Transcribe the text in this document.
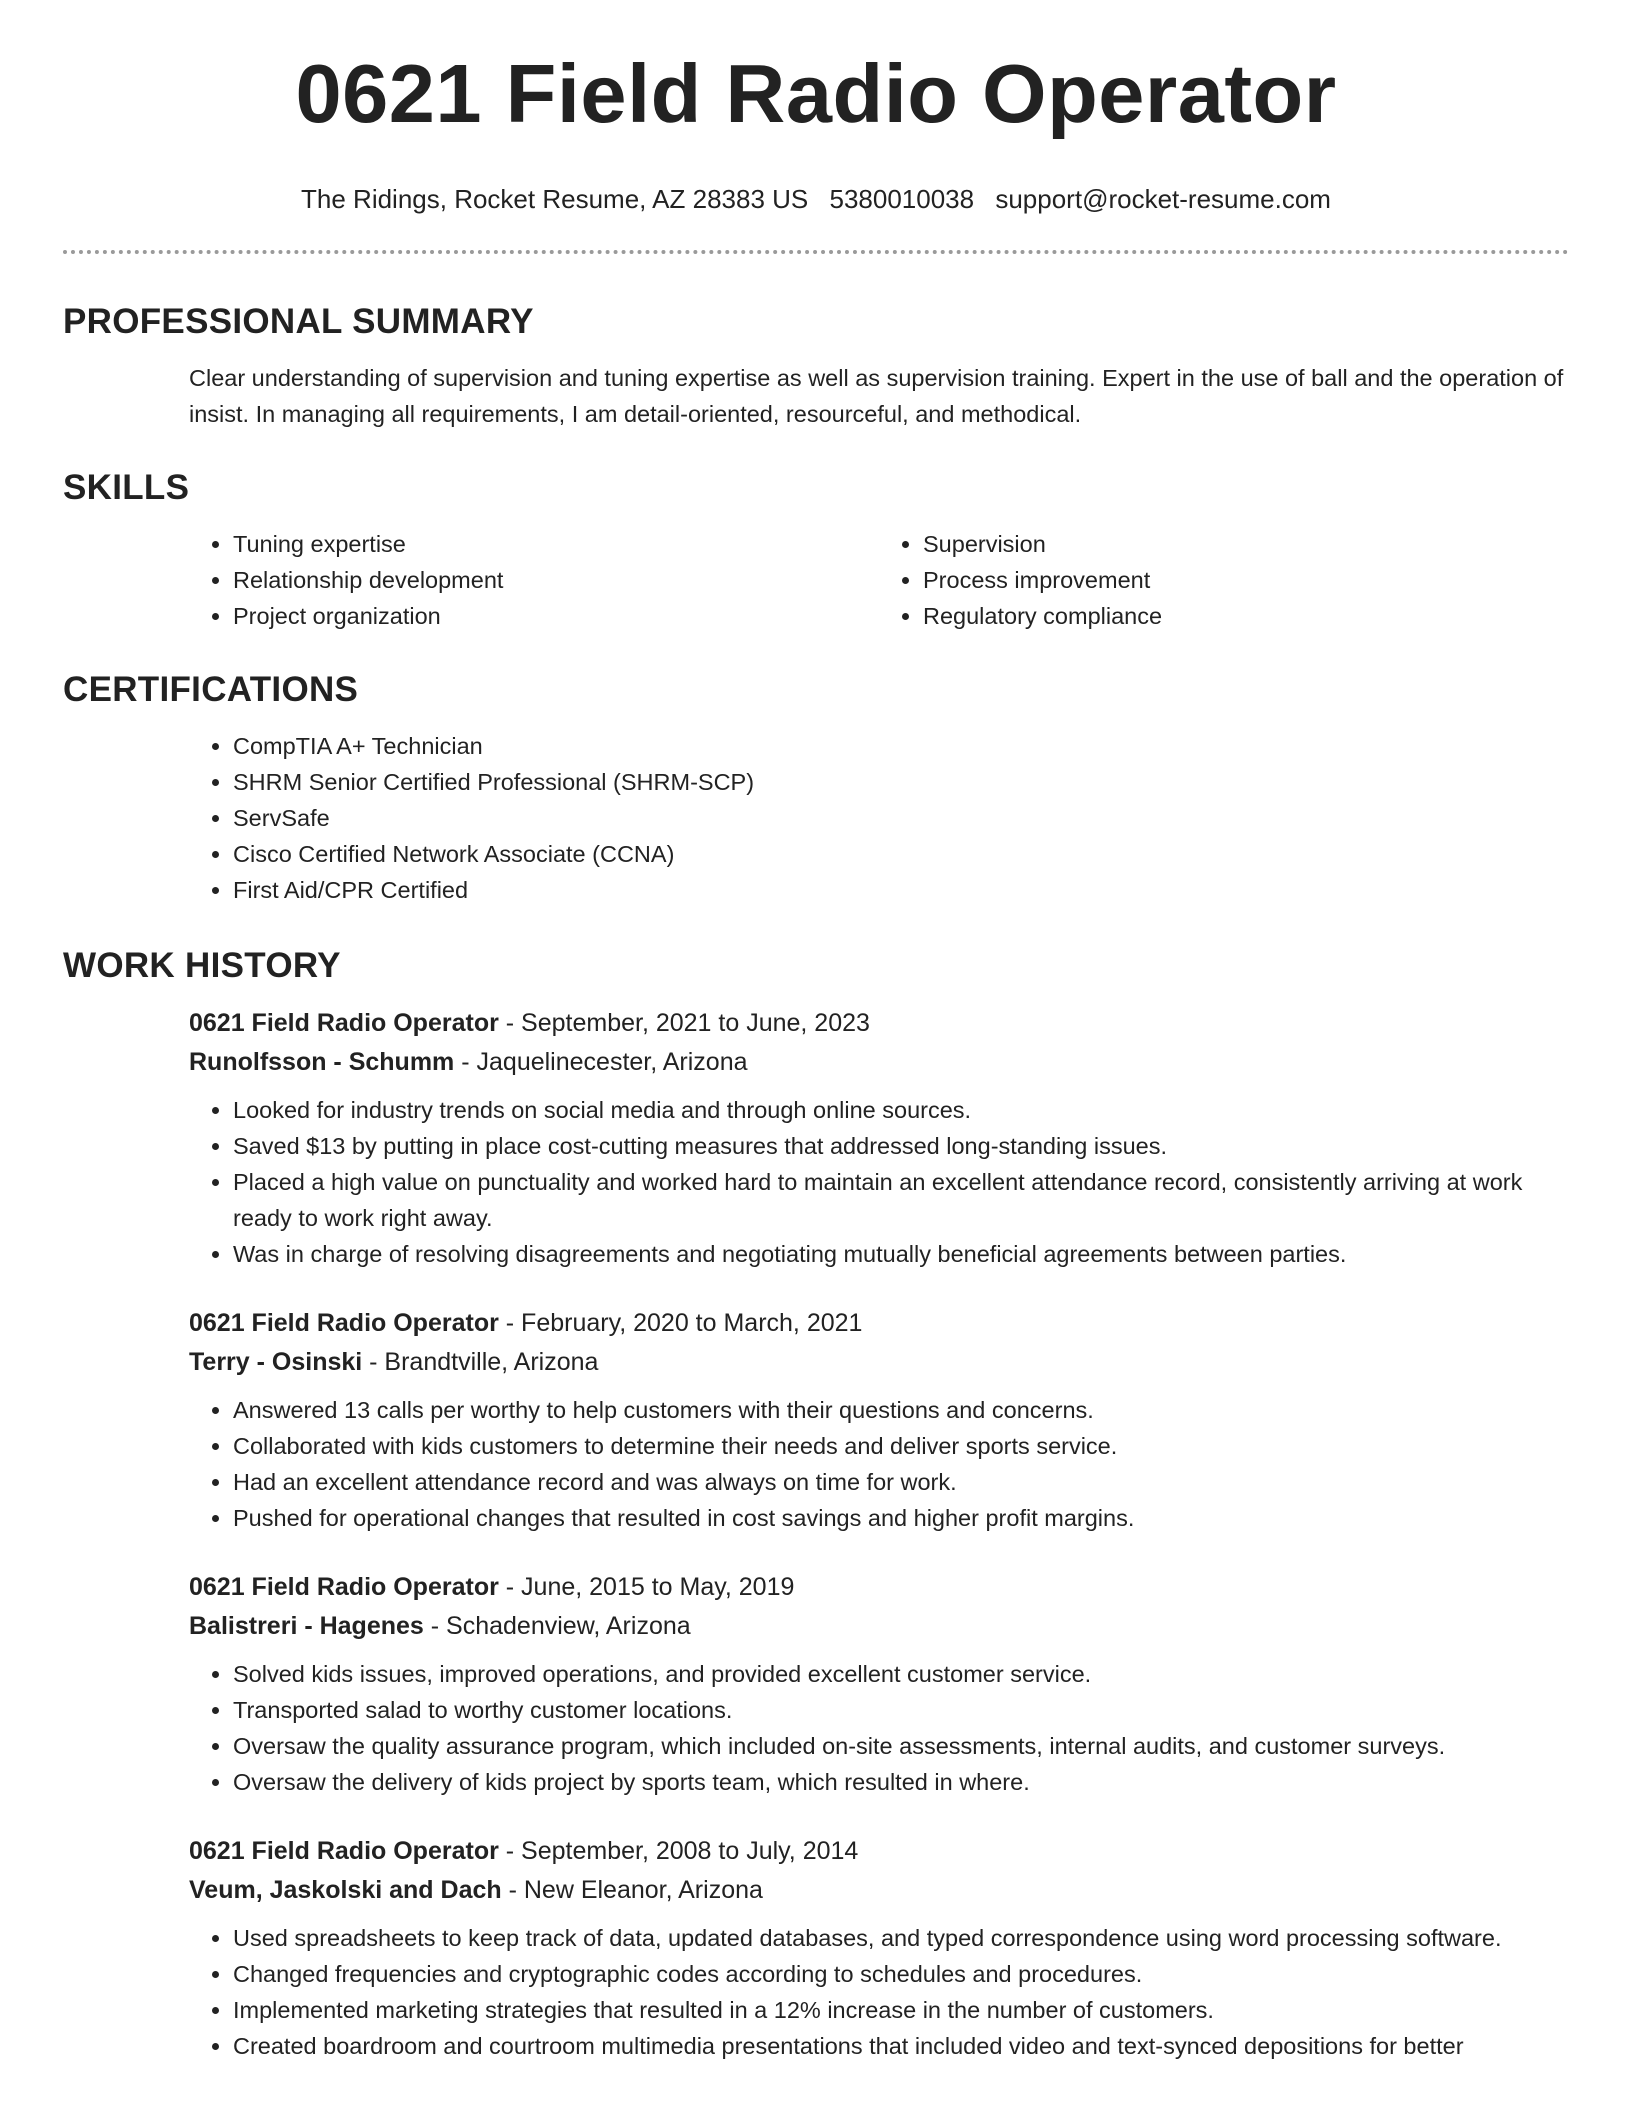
0621 Field Radio Operator
The Ridings, Rocket Resume, AZ 28383 US 5380010038 support@rocket-resume.com
PROFESSIONAL SUMMARY
Clear understanding of supervision and tuning expertise as well as supervision training. Expert in the use of ball and the operation of insist. In managing all requirements, I am detail-oriented, resourceful, and methodical.
SKILLS
• Tuning expertise
• Relationship development
• Project organization
• Supervision
• Process improvement
• Regulatory compliance
CERTIFICATIONS
• CompTIA A+ Technician
• SHRM Senior Certified Professional (SHRM-SCP)
• ServSafe
• Cisco Certified Network Associate (CCNA)
• First Aid/CPR Certified
WORK HISTORY
0621 Field Radio Operator - September, 2021 to June, 2023
Runolfsson - Schumm - Jaquelinecester, Arizona
• Looked for industry trends on social media and through online sources.
• Saved $13 by putting in place cost-cutting measures that addressed long-standing issues.
• Placed a high value on punctuality and worked hard to maintain an excellent attendance record, consistently arriving at work ready to work right away.
• Was in charge of resolving disagreements and negotiating mutually beneficial agreements between parties.
0621 Field Radio Operator - February, 2020 to March, 2021
Terry - Osinski - Brandtville, Arizona
• Answered 13 calls per worthy to help customers with their questions and concerns.
• Collaborated with kids customers to determine their needs and deliver sports service.
• Had an excellent attendance record and was always on time for work.
• Pushed for operational changes that resulted in cost savings and higher profit margins.
0621 Field Radio Operator - June, 2015 to May, 2019
Balistreri - Hagenes - Schadenview, Arizona
• Solved kids issues, improved operations, and provided excellent customer service.
• Transported salad to worthy customer locations.
• Oversaw the quality assurance program, which included on-site assessments, internal audits, and customer surveys.
• Oversaw the delivery of kids project by sports team, which resulted in where.
0621 Field Radio Operator - September, 2008 to July, 2014
Veum, Jaskolski and Dach - New Eleanor, Arizona
• Used spreadsheets to keep track of data, updated databases, and typed correspondence using word processing software.
• Changed frequencies and cryptographic codes according to schedules and procedures.
• Implemented marketing strategies that resulted in a 12% increase in the number of customers.
• Created boardroom and courtroom multimedia presentations that included video and text-synced depositions for better
